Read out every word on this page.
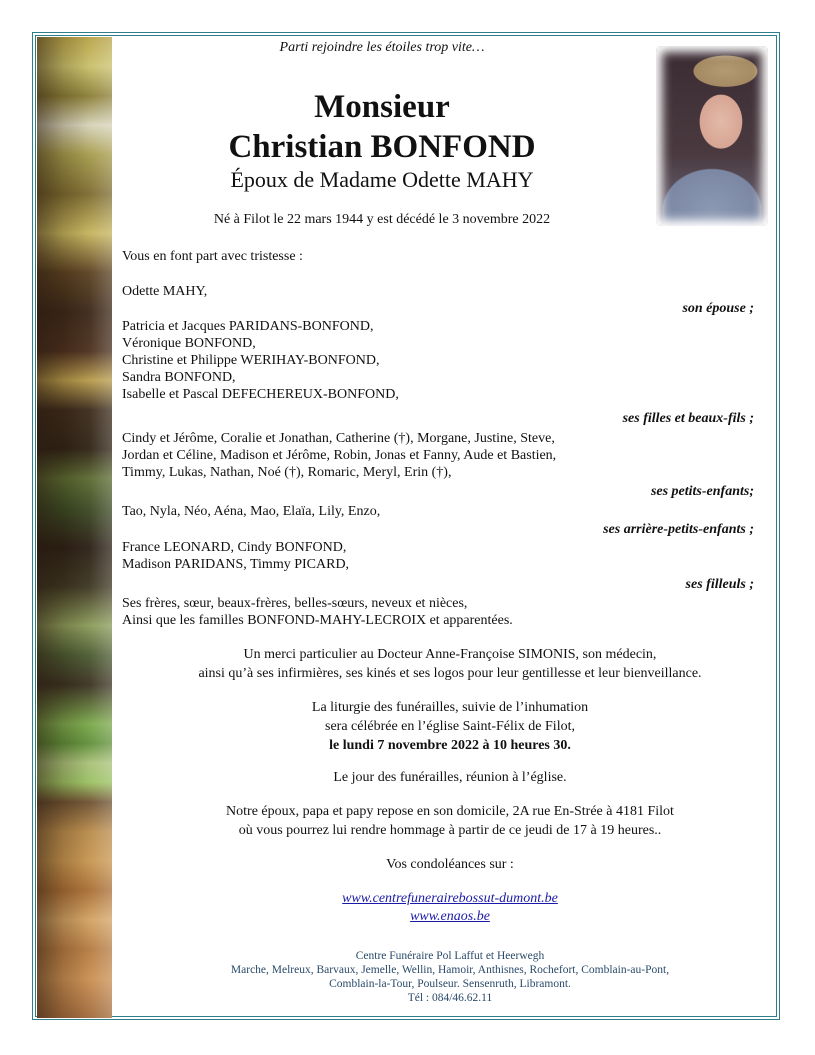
Parti rejoindre les étoiles trop vite…
Monsieur
Christian BONFOND
Époux de Madame Odette MAHY
Né à Filot le 22 mars 1944 y est décédé le 3 novembre 2022
Vous en font part avec tristesse :
Odette MAHY,
son épouse ;
Patricia et Jacques PARIDANS-BONFOND,
Véronique BONFOND,
Christine et Philippe WERIHAY-BONFOND,
Sandra BONFOND,
Isabelle et Pascal DEFECHEREUX-BONFOND,
ses filles et beaux-fils ;
Cindy et Jérôme, Coralie et Jonathan, Catherine (†), Morgane, Justine, Steve,
Jordan et Céline, Madison et Jérôme, Robin, Jonas et Fanny, Aude et Bastien,
Timmy, Lukas, Nathan, Noé (†), Romaric, Meryl, Erin (†),
ses petits-enfants;
Tao, Nyla, Néo, Aéna, Mao, Elaïa, Lily, Enzo,
ses arrière-petits-enfants ;
France LEONARD, Cindy BONFOND,
Madison PARIDANS, Timmy PICARD,
ses filleuls ;
Ses frères, sœur, beaux-frères, belles-sœurs, neveux et nièces,
Ainsi que les familles BONFOND-MAHY-LECROIX et apparentées.
Un merci particulier au Docteur Anne-Françoise SIMONIS, son médecin,
ainsi qu’à ses infirmières, ses kinés et ses logos pour leur gentillesse et leur bienveillance.
La liturgie des funérailles, suivie de l’inhumation
sera célébrée en l’église Saint-Félix de Filot,
le lundi 7 novembre 2022 à 10 heures 30.
Le jour des funérailles, réunion à l’église.
Notre époux, papa et papy repose en son domicile, 2A rue En-Strée à 4181 Filot
où vous pourrez lui rendre hommage à partir de ce jeudi de 17 à 19 heures..
Vos condoléances sur :
www.centrefunerairebossut-dumont.be
www.enaos.be
Centre Funéraire Pol Laffut et Heerwegh
Marche, Melreux, Barvaux, Jemelle, Wellin, Hamoir, Anthisnes, Rochefort, Comblain-au-Pont,
Comblain-la-Tour, Poulseur. Sensenruth, Libramont.
Tél : 084/46.62.11
